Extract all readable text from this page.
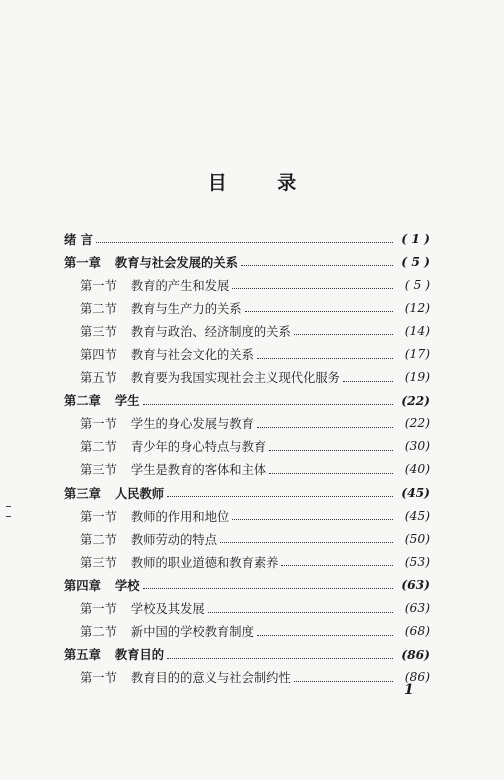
目 录
绪 言	( 1 )
第一章 教育与社会发展的关系	( 5 )
第一节 教育的产生和发展	( 5 )
第二节 教育与生产力的关系	(12)
第三节 教育与政治、经济制度的关系	(14)
第四节 教育与社会文化的关系	(17)
第五节 教育要为我国实现社会主义现代化服务	(19)
第二章 学生	(22)
第一节 学生的身心发展与教育	(22)
第二节 青少年的身心特点与教育	(30)
第三节 学生是教育的客体和主体	(40)
第三章 人民教师	(45)
第一节 教师的作用和地位	(45)
第二节 教师劳动的特点	(50)
第三节 教师的职业道德和教育素养	(53)
第四章 学校	(63)
第一节 学校及其发展	(63)
第二节 新中国的学校教育制度	(68)
第五章 教育目的	(86)
第一节 教育目的的意义与社会制约性	(86)
1
